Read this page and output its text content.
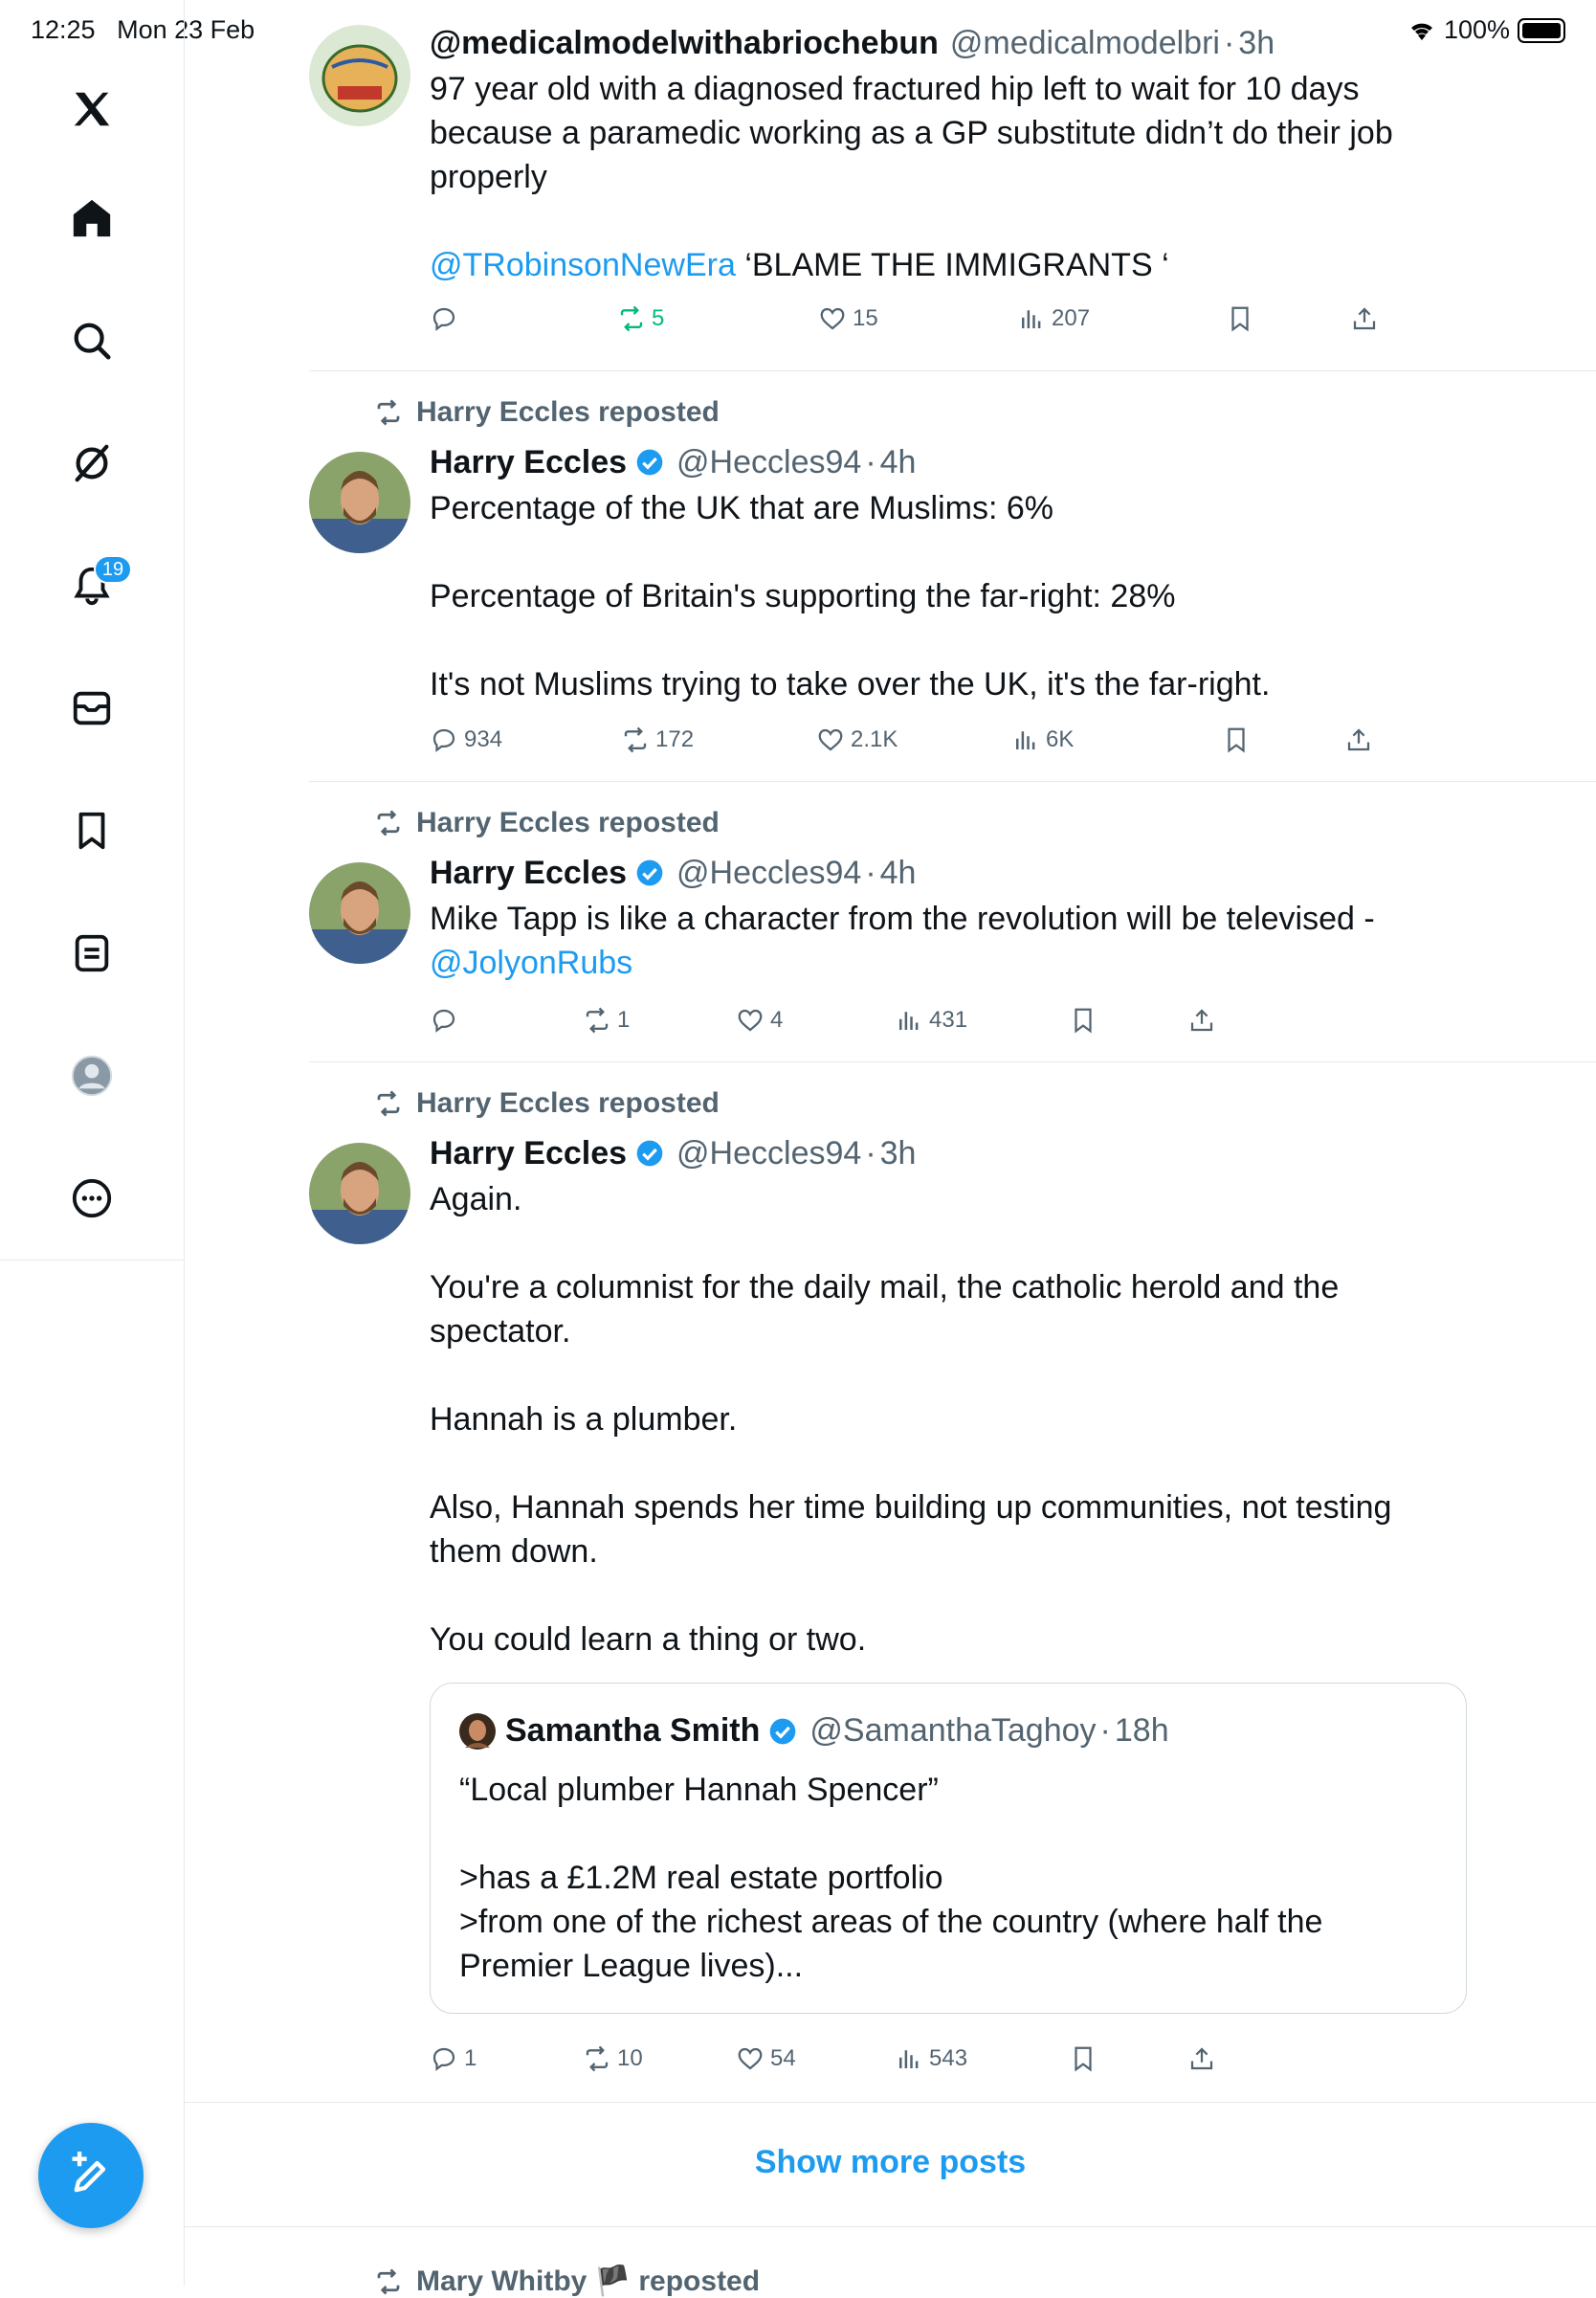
12:25 Mon 23 Feb	100%
19
@medicalmodelwithabriochebun @medicalmodelbri · 3h

97 year old with a diagnosed fractured hip left to wait for 10 days because a paramedic working as a GP substitute didn’t do their job properly

@TRobinsonNewEra ‘BLAME THE IMMIGRANTS ‘

5	15	207
Harry Eccles reposted
Harry Eccles @Heccles94 · 4h

Percentage of the UK that are Muslims: 6%

Percentage of Britain's supporting the far-right: 28%

It's not Muslims trying to take over the UK, it's the far-right.

934	172	2.1K	6K
Harry Eccles reposted
Harry Eccles @Heccles94 · 4h

Mike Tapp is like a character from the revolution will be televised -
@JolyonRubs

1	4	431
Harry Eccles reposted
Harry Eccles @Heccles94 · 3h

Again.

You're a columnist for the daily mail, the catholic herold and the spectator.

Hannah is a plumber.

Also, Hannah spends her time building up communities, not testing them down.

You could learn a thing or two.

Samantha Smith @SamanthaTaghoy · 18h

“Local plumber Hannah Spencer”

>has a £1.2M real estate portfolio

>from one of the richest areas of the country (where half the Premier League lives)...

1	10	54	543
Show more posts
Mary Whitby 🏴 reposted
